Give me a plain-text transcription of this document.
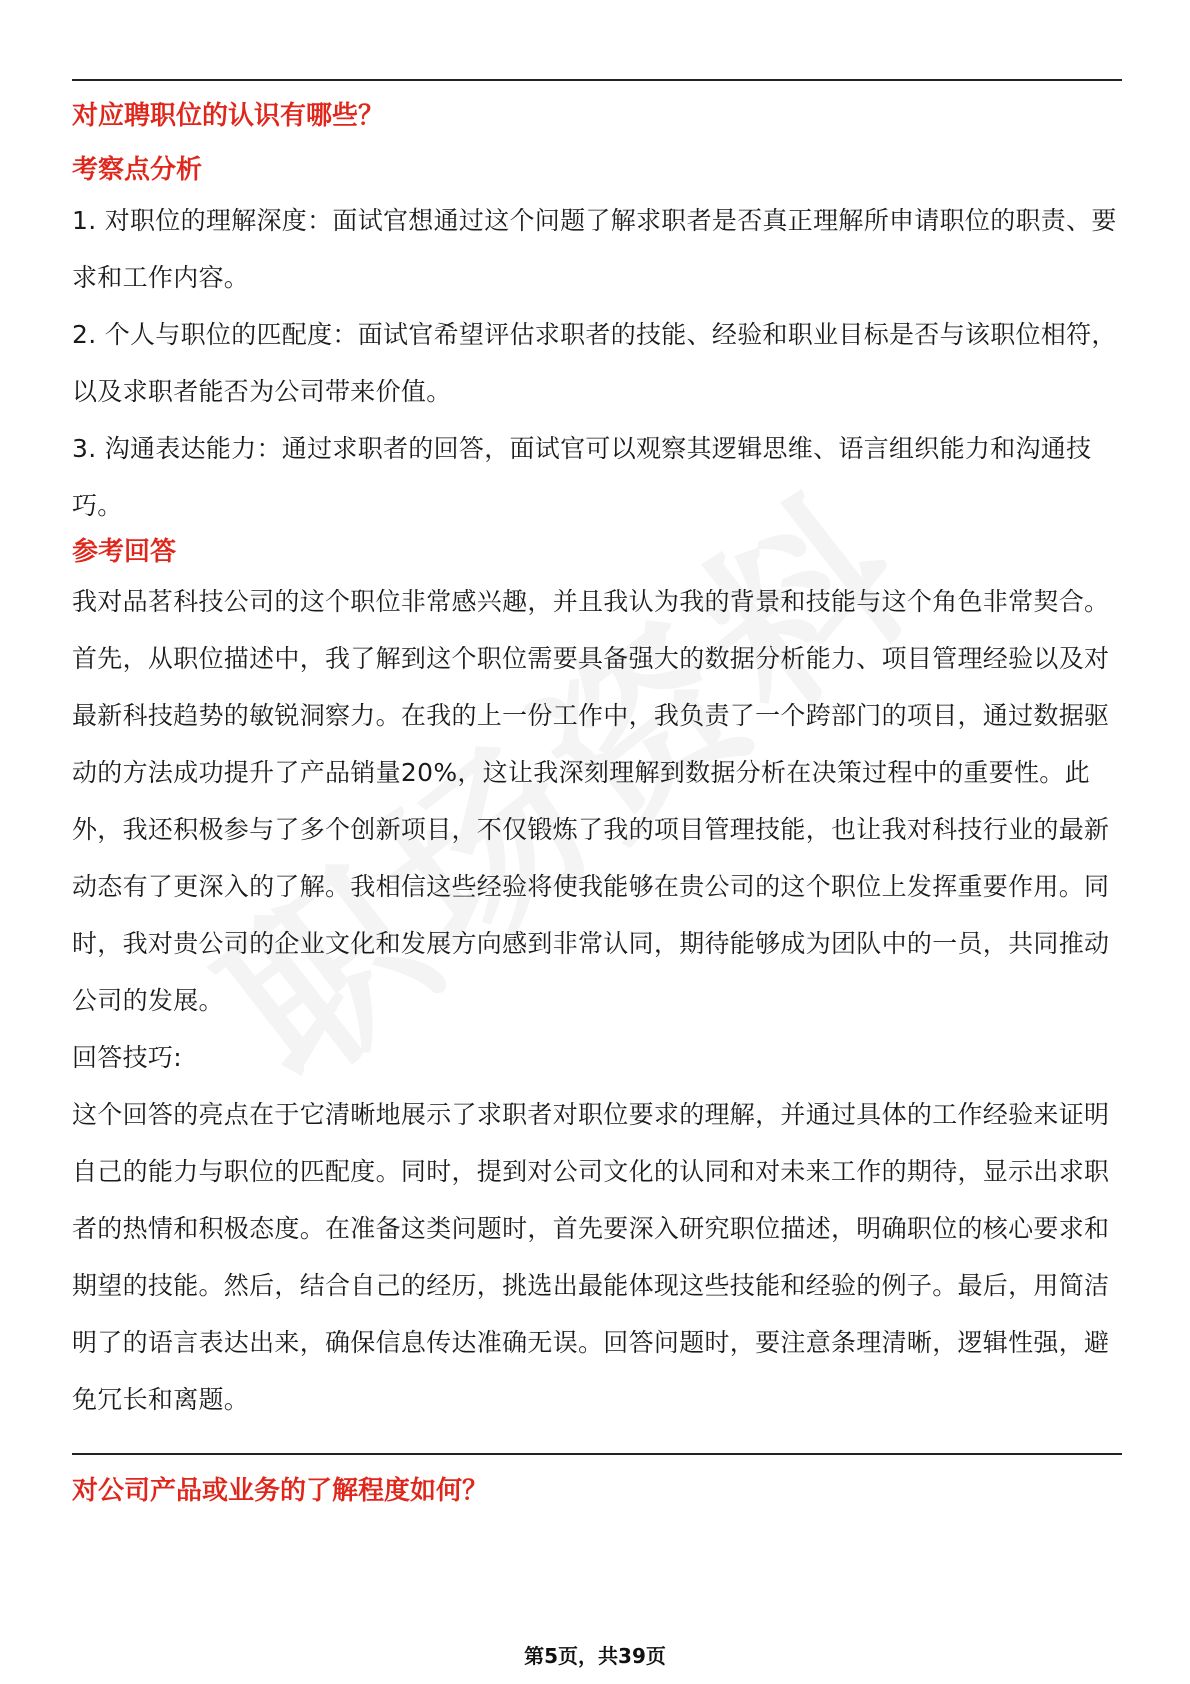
对应聘职位的认识有哪些？
考察点分析

1. 对职位的理解深度：面试官想通过这个问题了解求职者是否真正理解所申请职位的职责、要求和工作内容。

2. 个人与职位的匹配度：面试官希望评估求职者的技能、经验和职业目标是否与该职位相符，以及求职者能否为公司带来价值。

3. 沟通表达能力：通过求职者的回答，面试官可以观察其逻辑思维、语言组织能力和沟通技巧。

参考回答

我对品茗科技公司的这个职位非常感兴趣，并且我认为我的背景和技能与这个角色非常契合。首先，从职位描述中，我了解到这个职位需要具备强大的数据分析能力、项目管理经验以及对最新科技趋势的敏锐洞察力。在我的上一份工作中，我负责了一个跨部门的项目，通过数据驱动的方法成功提升了产品销量20%，这让我深刻理解到数据分析在决策过程中的重要性。此外，我还积极参与了多个创新项目，不仅锻炼了我的项目管理技能，也让我对科技行业的最新动态有了更深入的了解。我相信这些经验将使我能够在贵公司的这个职位上发挥重要作用。同时，我对贵公司的企业文化和发展方向感到非常认同，期待能够成为团队中的一员，共同推动公司的发展。

回答技巧:

这个回答的亮点在于它清晰地展示了求职者对职位要求的理解，并通过具体的工作经验来证明自己的能力与职位的匹配度。同时，提到对公司文化的认同和对未来工作的期待，显示出求职者的热情和积极态度。在准备这类问题时，首先要深入研究职位描述，明确职位的核心要求和期望的技能。然后，结合自己的经历，挑选出最能体现这些技能和经验的例子。最后，用简洁明了的语言表达出来，确保信息传达准确无误。回答问题时，要注意条理清晰，逻辑性强，避免冗长和离题。

对公司产品或业务的了解程度如何？
第5页，共39页
